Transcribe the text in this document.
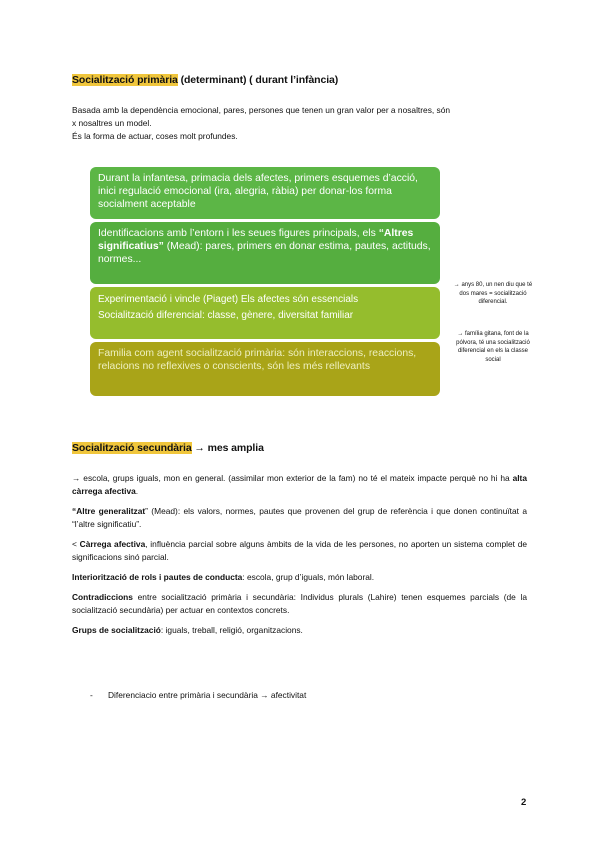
Socialització primària (determinant) ( durant l’infància)

Basada amb la dependència emocional, pares, persones que tenen un gran valor per a nosaltres, són

x nosaltres un model.

És la forma de actuar, coses molt profundes.

Durant la infantesa, primacia dels afectes, primers esquemes d’acció, inici regulació emocional (ira, alegria, ràbia) per donar-los forma socialment aceptable
Identificacions amb l’entorn i les seues figures principals, els “Altres significatius” (Mead): pares, primers en donar estima, pautes, actituds, normes...
Experimentació i vincle (Piaget) Els afectes són essencials
Socialització diferencial: classe, gènere, diversitat familiar
Familia com agent socialització primària: són interaccions, reaccions, relacions no reflexives o conscients, són les més rellevants
→ anys 80, un nen diu que té dos mares = socialització diferencial.
→ família gitana, font de la pólvora, té una socialització diferencial en els la classe social
Socialització secundària → mes amplia

→ escola, grups iguals, mon en general. (assimilar mon exterior de la fam) no té el mateix impacte perquè no hi ha alta càrrega afectiva.

“Altre generalitzat” (Mead): els valors, normes, pautes que provenen del grup de referència i que donen continuïtat a “l’altre significatiu”.

< Càrrega afectiva, influència parcial sobre alguns àmbits de la vida de les persones, no aporten un sistema complet de significacions sinó parcial.

Interiorització de rols i pautes de conducta: escola, grup d’iguals, món laboral.

Contradiccions entre socialització primària i secundària: Individus plurals (Lahire) tenen esquemes parcials (de la socialització secundària) per actuar en contextos concrets.

Grups de socialització: iguals, treball, religió, organitzacions.

- Diferenciacio entre primària i secundària → afectivitat
2
